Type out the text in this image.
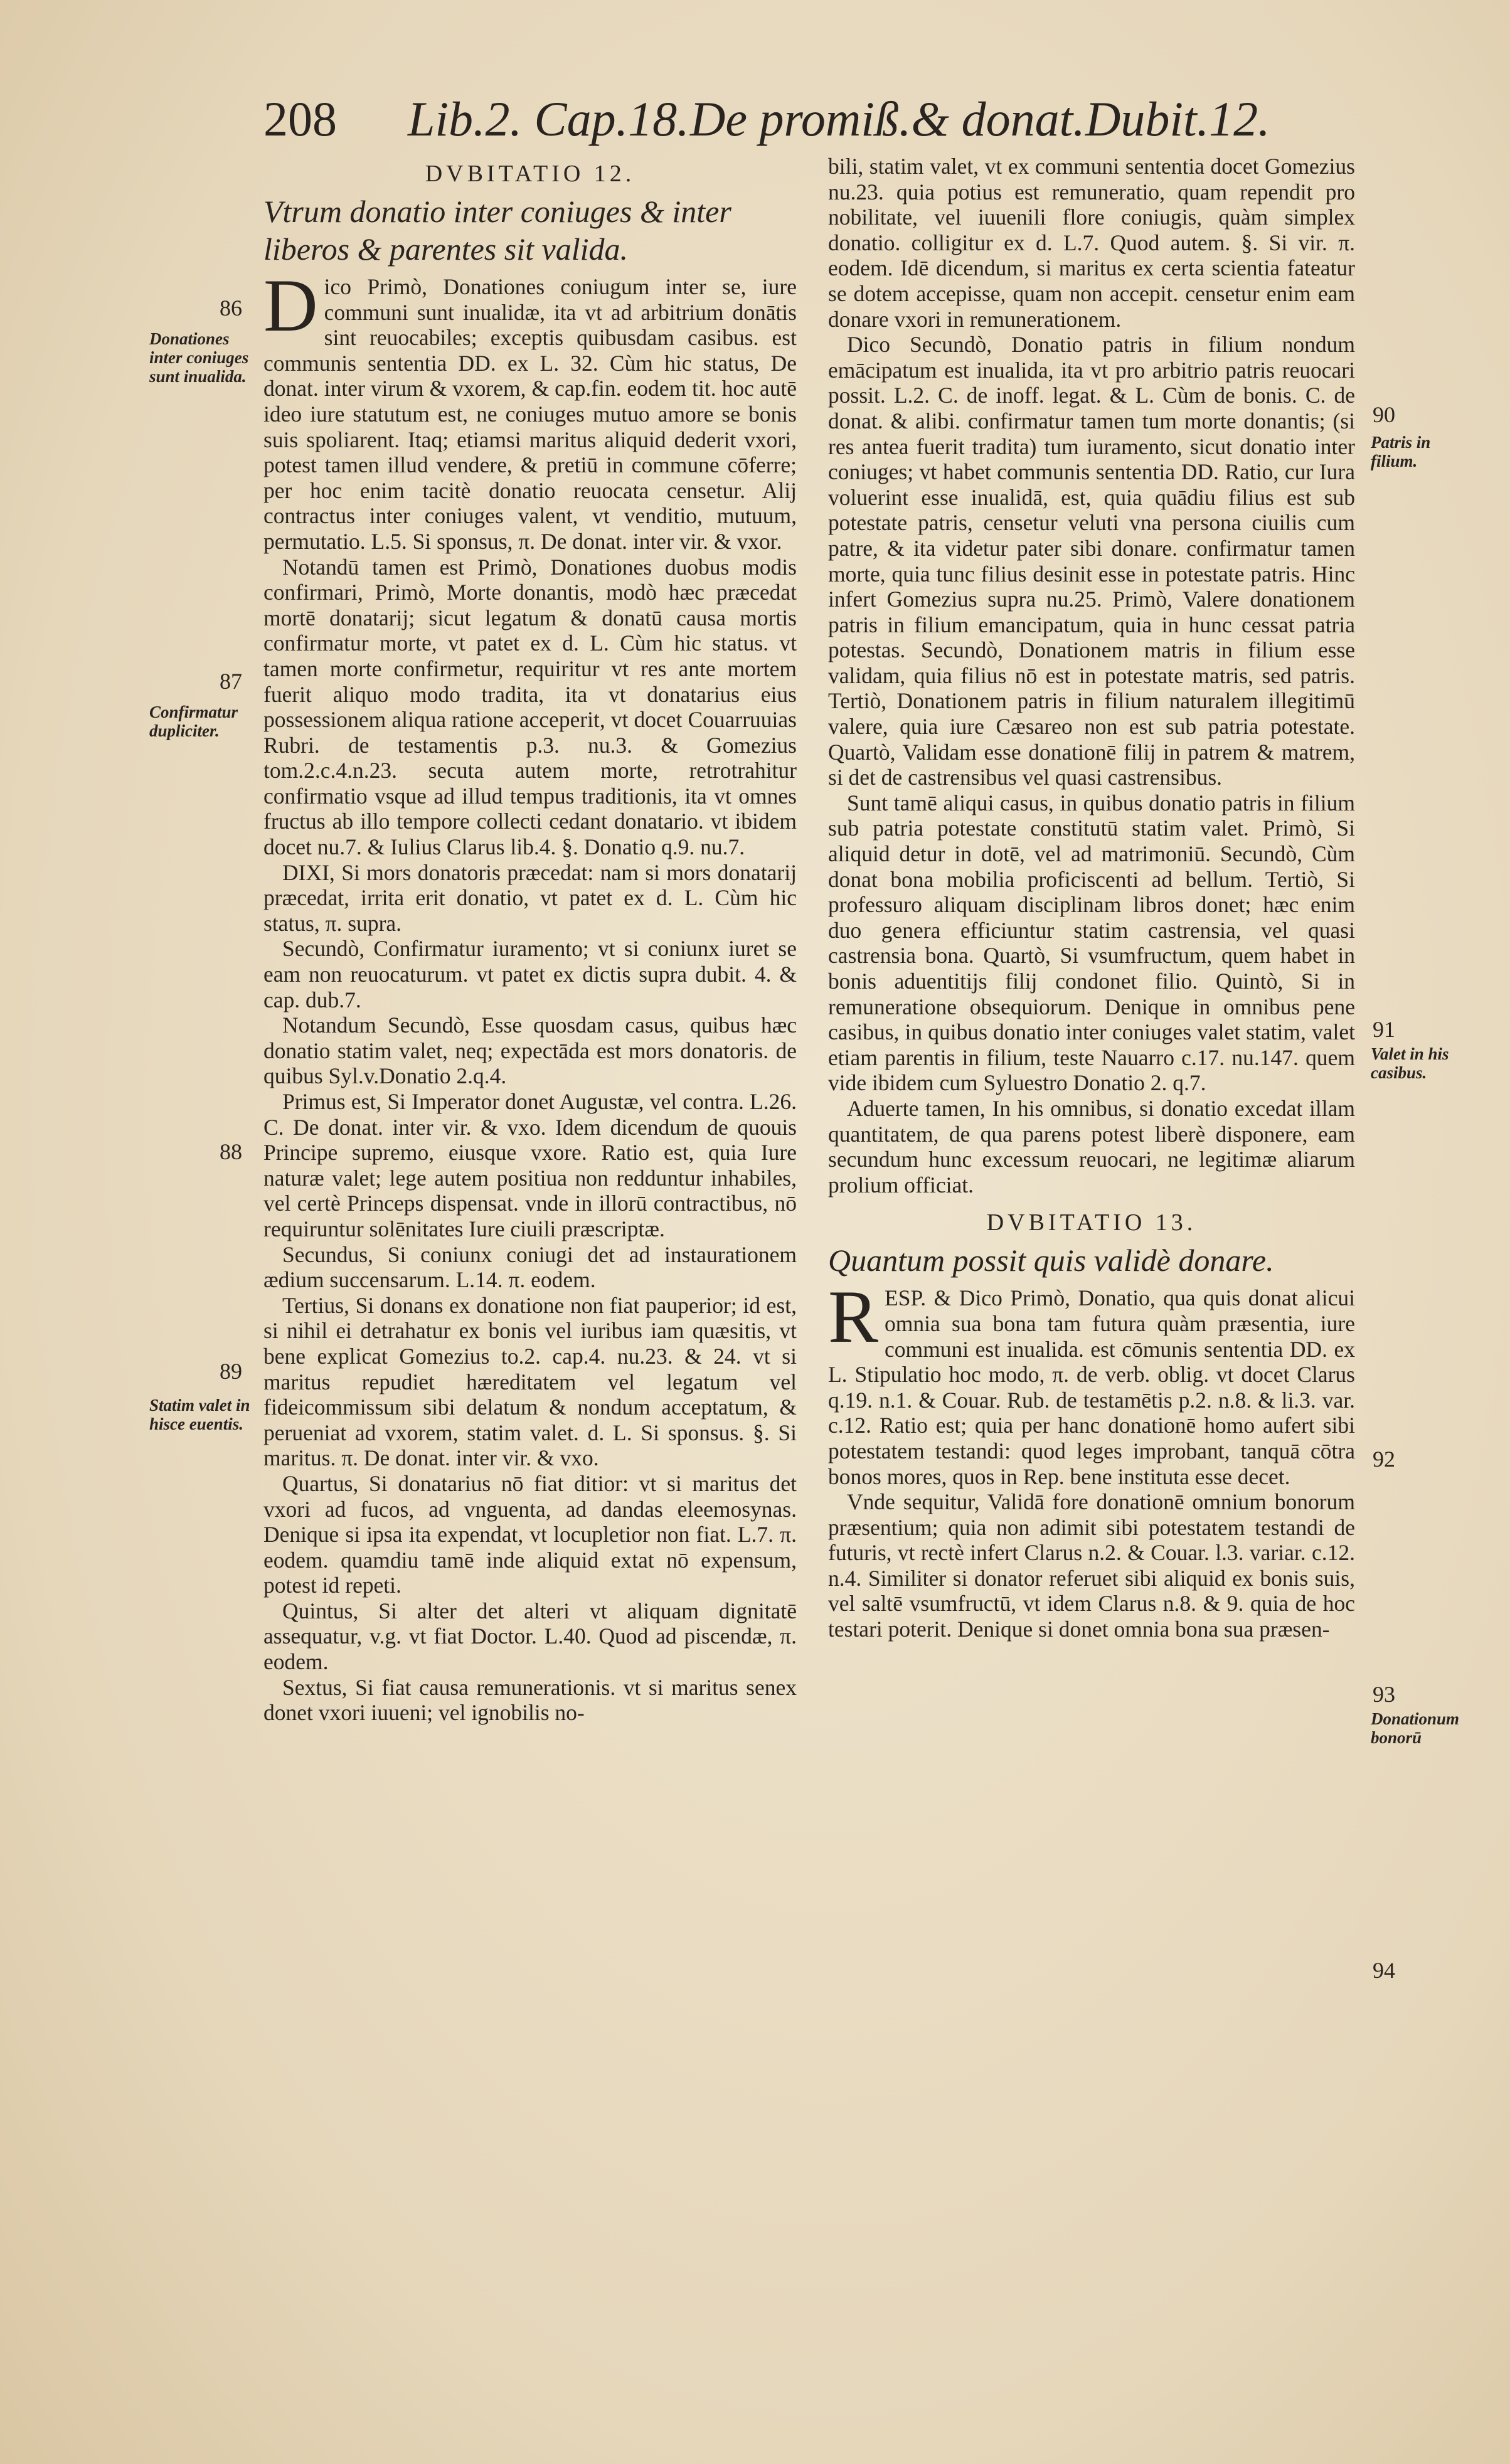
208 Lib.2. Cap.18. De promiß.& donat. Dubit.12.
DVBITATIO 12.
Vtrum donatio inter coniuges & inter liberos & parentes sit valida.

Dico Primò, Donationes coniugum inter se, iure communi sunt inualidæ, ita vt ad arbitrium donātis sint reuocabiles; exceptis quibusdam casibus. est communis sententia DD. ex L. 32. Cùm hic status, De donat. inter virum & vxorem, & cap.fin. eodem tit. hoc autē ideo iure statutum est, ne coniuges mutuo amore se bonis suis spoliarent. Itaq; etiamsi maritus aliquid dederit vxori, potest tamen illud vendere, & pretiū in commune cōferre; per hoc enim tacitè donatio reuocata censetur. Alij contractus inter coniuges valent, vt venditio, mutuum, permutatio. L.5. Si sponsus, π. De donat. inter vir. & vxor.

Notandū tamen est Primò, Donationes duobus modis confirmari, Primò, Morte donantis, modò hæc præcedat mortē donatarij; sicut legatum & donatū causa mortis confirmatur morte, vt patet ex d. L. Cùm hic status. vt tamen morte confirmetur, requiritur vt res ante mortem fuerit aliquo modo tradita, ita vt donatarius eius possessionem aliqua ratione acceperit, vt docet Couarruuias Rubri. de testamentis p.3. nu.3. & Gomezius tom.2.c.4.n.23. secuta autem morte, retrotrahitur confirmatio vsque ad illud tempus traditionis, ita vt omnes fructus ab illo tempore collecti cedant donatario. vt ibidem docet nu.7. & Iulius Clarus lib.4. §. Donatio q.9. nu.7.

DIXI, Si mors donatoris præcedat: nam si mors donatarij præcedat, irrita erit donatio, vt patet ex d. L. Cùm hic status, π. supra.

Secundò, Confirmatur iuramento; vt si coniunx iuret se eam non reuocaturum. vt patet ex dictis supra dubit. 4. & cap. dub.7.

Notandum Secundò, Esse quosdam casus, quibus hæc donatio statim valet, neq; expectāda est mors donatoris. de quibus Syl.v.Donatio 2.q.4.

Primus est, Si Imperator donet Augustæ, vel contra. L.26. C. De donat. inter vir. & vxo. Idem dicendum de quouis Principe supremo, eiusque vxore. Ratio est, quia Iure naturæ valet; lege autem positiua non redduntur inhabiles, vel certè Princeps dispensat. vnde in illorū contractibus, nō requiruntur solēnitates Iure ciuili præscriptæ.

Secundus, Si coniunx coniugi det ad instaurationem ædium succensarum. L.14. π. eodem.

Tertius, Si donans ex donatione non fiat pauperior; id est, si nihil ei detrahatur ex bonis vel iuribus iam quæsitis, vt bene explicat Gomezius to.2. cap.4. nu.23. & 24. vt si maritus repudiet hæreditatem vel legatum vel fideicommissum sibi delatum & nondum acceptatum, & perueniat ad vxorem, statim valet. d. L. Si sponsus. §. Si maritus. π. De donat. inter vir. & vxo.

Quartus, Si donatarius nō fiat ditior: vt si maritus det vxori ad fucos, ad vnguenta, ad dandas eleemosynas. Denique si ipsa ita expendat, vt locupletior non fiat. L.7. π. eodem. quamdiu tamē inde aliquid extat nō expensum, potest id repeti.

Quintus, Si alter det alteri vt aliquam dignitatē assequatur, v.g. vt fiat Doctor. L.40. Quod ad piscendæ, π. eodem.

Sextus, Si fiat causa remunerationis. vt si maritus senex donet vxori iuueni; vel ignobilis no-

86
Donationes inter coniuges sunt inualida.
87
Confirmatur dupliciter.
88
89
Statim valet in hisce euentis.

bili, statim valet, vt ex communi sententia docet Gomezius nu.23. quia potius est remuneratio, quam rependit pro nobilitate, vel iuuenili flore coniugis, quàm simplex donatio. colligitur ex d. L.7. Quod autem. §. Si vir. π. eodem. Idē dicendum, si maritus ex certa scientia fateatur se dotem accepisse, quam non accepit. censetur enim eam donare vxori in remunerationem.

Dico Secundò, Donatio patris in filium nondum emācipatum est inualida, ita vt pro arbitrio patris reuocari possit. L.2. C. de inoff. legat. & L. Cùm de bonis. C. de donat. & alibi. confirmatur tamen tum morte donantis; (si res antea fuerit tradita) tum iuramento, sicut donatio inter coniuges; vt habet communis sententia DD. Ratio, cur Iura voluerint esse inualidā, est, quia quādiu filius est sub potestate patris, censetur veluti vna persona ciuilis cum patre, & ita videtur pater sibi donare. confirmatur tamen morte, quia tunc filius desinit esse in potestate patris. Hinc infert Gomezius supra nu.25. Primò, Valere donationem patris in filium emancipatum, quia in hunc cessat patria potestas. Secundò, Donationem matris in filium esse validam, quia filius nō est in potestate matris, sed patris. Tertiò, Donationem patris in filium naturalem illegitimū valere, quia iure Cæsareo non est sub patria potestate. Quartò, Validam esse donationē filij in patrem & matrem, si det de castrensibus vel quasi castrensibus.

Sunt tamē aliqui casus, in quibus donatio patris in filium sub patria potestate constitutū statim valet. Primò, Si aliquid detur in dotē, vel ad matrimoniū. Secundò, Cùm donat bona mobilia proficiscenti ad bellum. Tertiò, Si professuro aliquam disciplinam libros donet; hæc enim duo genera efficiuntur statim castrensia, vel quasi castrensia bona. Quartò, Si vsumfructum, quem habet in bonis aduentitijs filij condonet filio. Quintò, Si in remuneratione obsequiorum. Denique in omnibus pene casibus, in quibus donatio inter coniuges valet statim, valet etiam parentis in filium, teste Nauarro c.17. nu.147. quem vide ibidem cum Syluestro Donatio 2. q.7.

Aduerte tamen, In his omnibus, si donatio excedat illam quantitatem, de qua parens potest liberè disponere, eam secundum hunc excessum reuocari, ne legitimæ aliarum prolium officiat.

DVBITATIO 13.
Quantum possit quis validè donare.

RESP. & Dico Primò, Donatio, qua quis donat alicui omnia sua bona tam futura quàm præsentia, iure communi est inualida. est cōmunis sententia DD. ex L. Stipulatio hoc modo, π. de verb. oblig. vt docet Clarus q.19. n.1. & Couar. Rub. de testamētis p.2. n.8. & li.3. var. c.12. Ratio est; quia per hanc donationē homo aufert sibi potestatem testandi: quod leges improbant, tanquā cōtra bonos mores, quos in Rep. bene instituta esse decet.

Vnde sequitur, Validā fore donationē omnium bonorum præsentium; quia non adimit sibi potestatem testandi de futuris, vt rectè infert Clarus n.2. & Couar. l.3. variar. c.12. n.4. Similiter si donator referuet sibi aliquid ex bonis suis, vel saltē vsumfructū, vt idem Clarus n.8. & 9. quia de hoc testari poterit. Denique si donet omnia bona sua præsen-

90
Patris in filium.
91
Valet in his casibus.
92
93
Donationum bonorū
94
